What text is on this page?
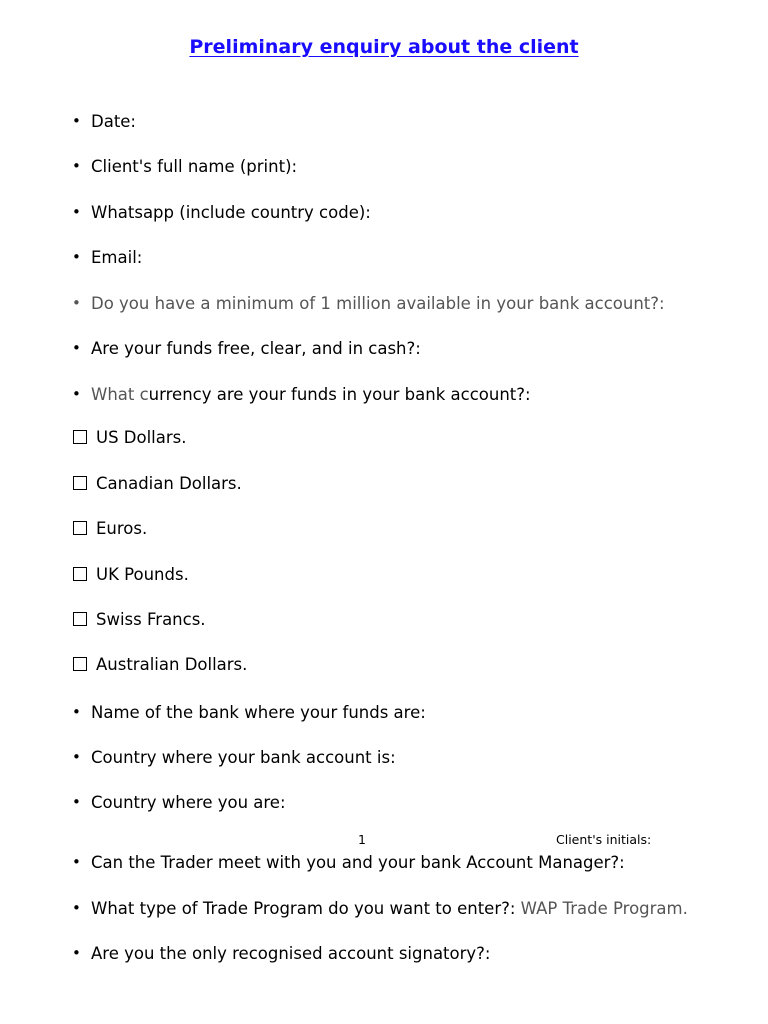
Preliminary enquiry about the client
• Date:
• Client's full name (print):
• Whatsapp (include country code):
• Email:
• Do you have a minimum of 1 million available in your bank account?:
• Are your funds free, clear, and in cash?:
• What currency are your funds in your bank account?:
US Dollars.
Canadian Dollars.
Euros.
UK Pounds.
Swiss Francs.
Australian Dollars.
• Name of the bank where your funds are:
• Country where your bank account is:
• Country where you are:
1	Client's initials:
• Can the Trader meet with you and your bank Account Manager?:
• What type of Trade Program do you want to enter?: WAP Trade Program.
• Are you the only recognised account signatory?:
